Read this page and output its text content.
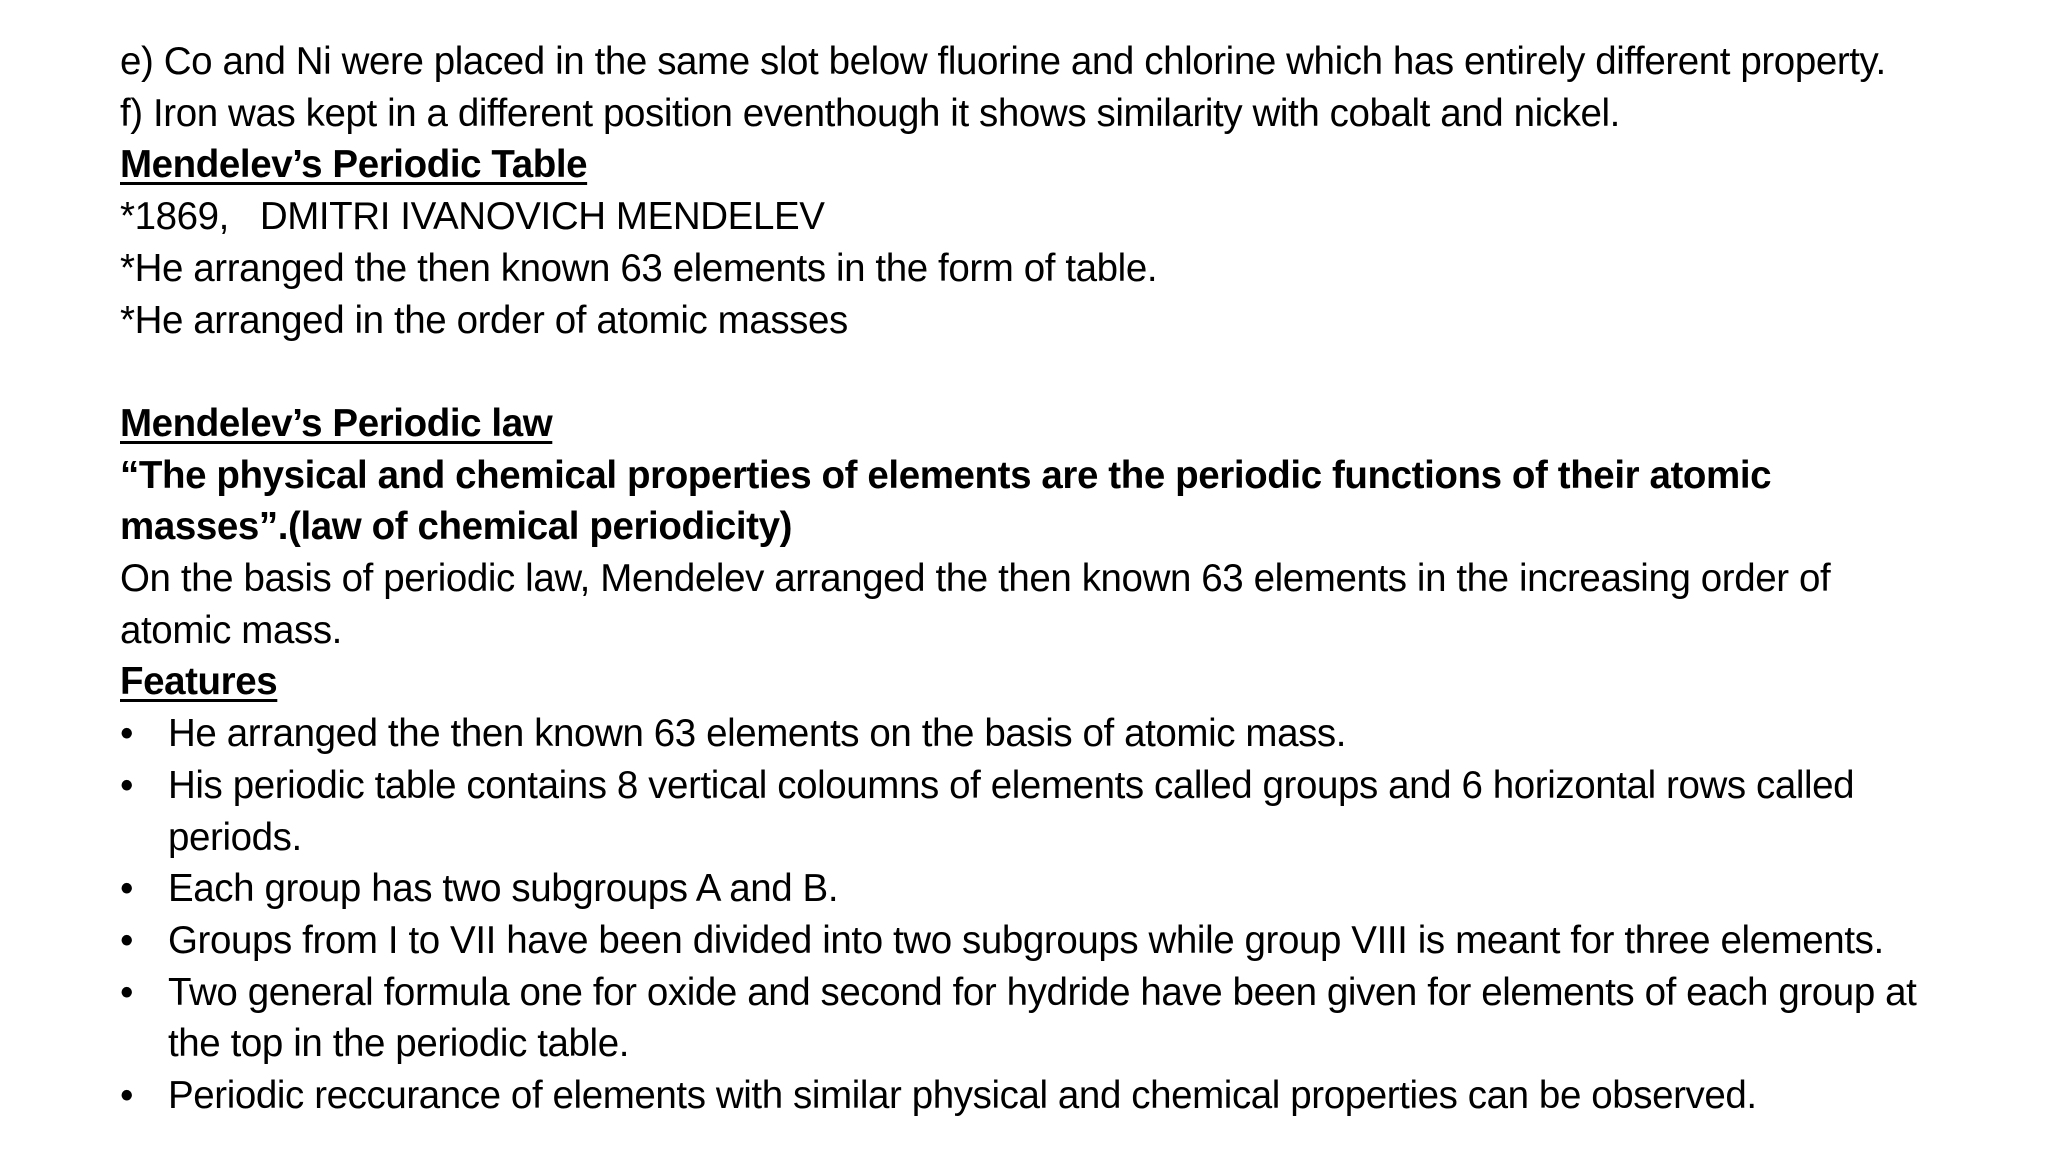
e) Co and Ni were placed in the same slot below fluorine and chlorine which has entirely different property.
f) Iron was kept in a different position eventhough it shows similarity with cobalt and nickel.
Mendelev’s Periodic Table
*1869,   DMITRI IVANOVICH MENDELEV
*He arranged the then known 63 elements in the form of table.
*He arranged in the order of atomic masses
Mendelev’s Periodic law
“The physical and chemical properties of elements are the periodic functions of their atomic
masses”.(law of chemical periodicity)
On the basis of periodic law, Mendelev arranged the then known 63 elements in the increasing order of
atomic mass.
Features
• He arranged the then known 63 elements on the basis of atomic mass.
• His periodic table contains 8 vertical coloumns of elements called groups and 6 horizontal rows called
periods.
• Each group has two subgroups A and B.
• Groups from I to VII have been divided into two subgroups while group VIII is meant for three elements.
• Two general formula one for oxide and second for hydride have been given for elements of each group at
the top in the periodic table.
• Periodic reccurance of elements with similar physical and chemical properties can be observed.
